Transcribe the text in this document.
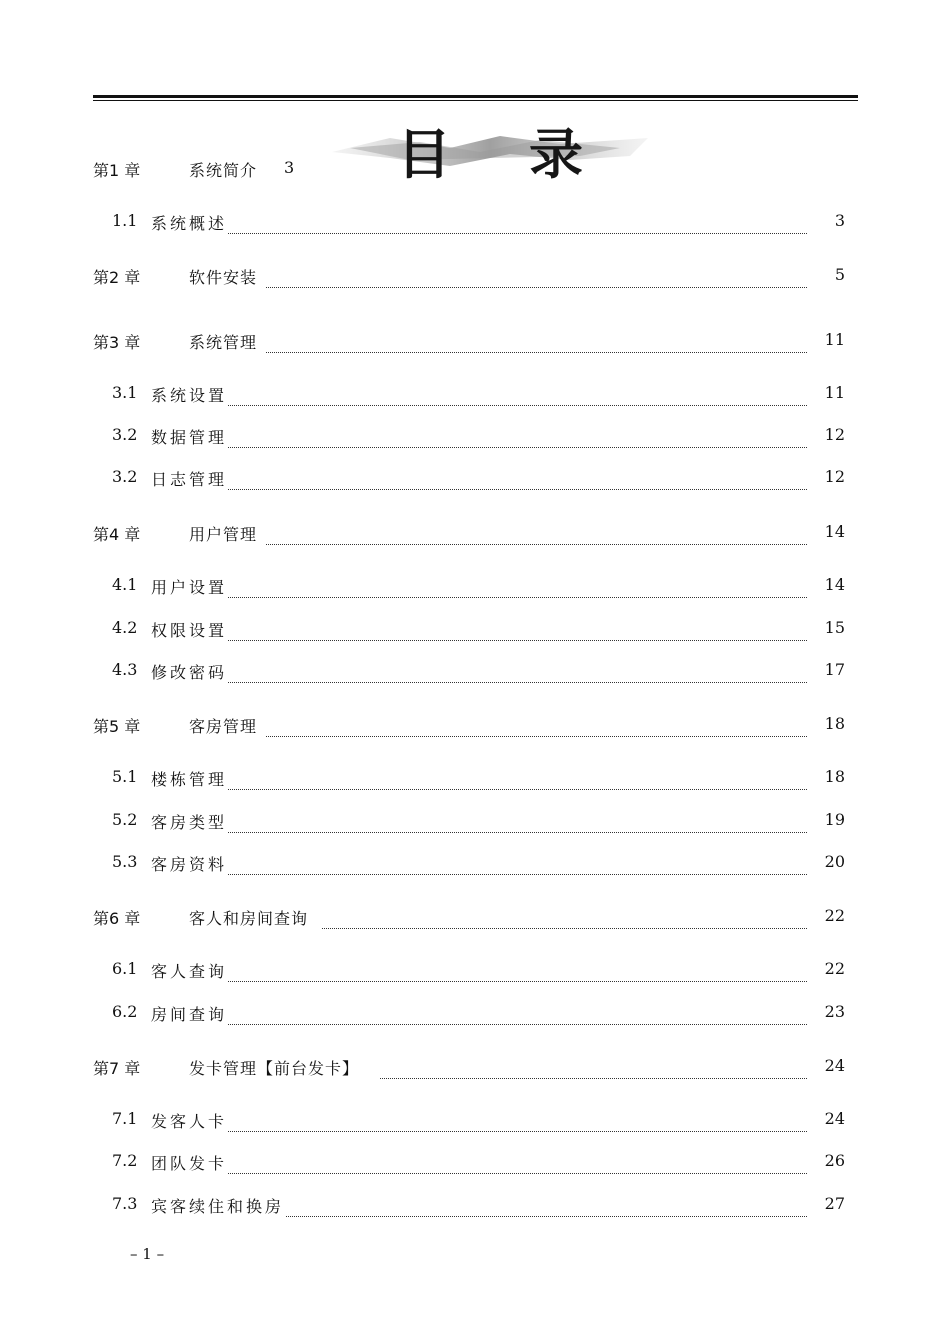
目 录
第1 章	系统简介 3
1.1 系统概述	3
第2 章	软件安装	5
第3 章	系统管理	11
3.1 系统设置	11
3.2 数据管理	12
3.2 日志管理	12
第4 章	用户管理	14
4.1 用户设置	14
4.2 权限设置	15
4.3 修改密码	17
第5 章	客房管理	18
5.1 楼栋管理	18
5.2 客房类型	19
5.3 客房资料	20
第6 章	客人和房间查询	22
6.1 客人查询	22
6.2 房间查询	23
第7 章	发卡管理【前台发卡】	24
7.1 发客人卡	24
7.2 团队发卡	26
7.3 宾客续住和换房	27
– 1 –
